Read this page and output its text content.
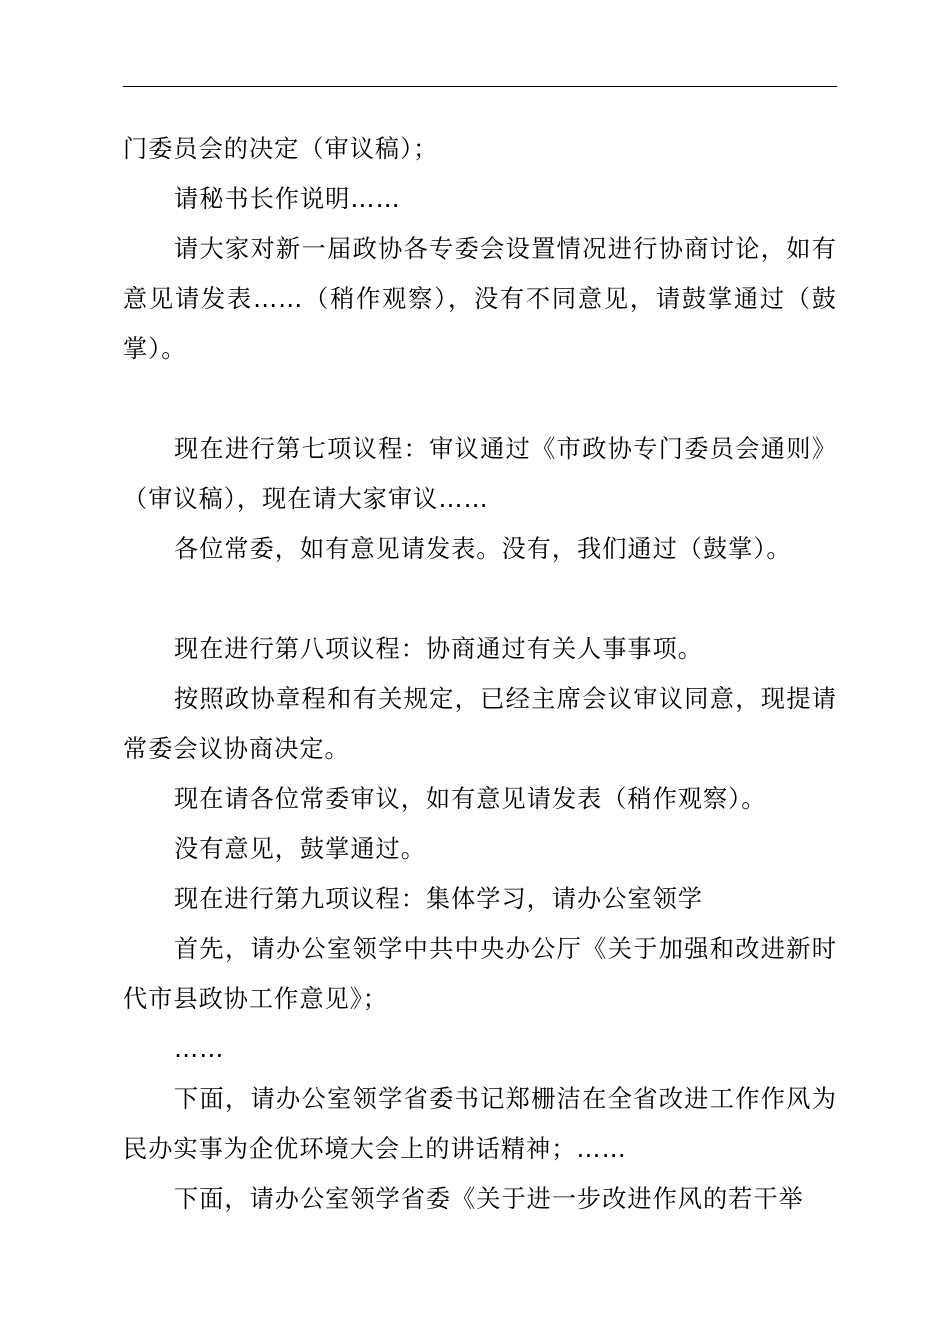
门委员会的决定（审议稿）；

请秘书长作说明……

请大家对新一届政协各专委会设置情况进行协商讨论，如有意见请发表……（稍作观察），没有不同意见，请鼓掌通过（鼓掌）。

现在进行第七项议程：审议通过《市政协专门委员会通则》（审议稿），现在请大家审议……

各位常委，如有意见请发表。没有，我们通过（鼓掌）。

现在进行第八项议程：协商通过有关人事事项。

按照政协章程和有关规定，已经主席会议审议同意，现提请常委会议协商决定。

现在请各位常委审议，如有意见请发表（稍作观察）。

没有意见，鼓掌通过。

现在进行第九项议程：集体学习，请办公室领学

首先，请办公室领学中共中央办公厅《关于加强和改进新时代市县政协工作意见》；

……

下面，请办公室领学省委书记郑栅洁在全省改进工作作风为民办实事为企优环境大会上的讲话精神；……

下面，请办公室领学省委《关于进一步改进作风的若干举
